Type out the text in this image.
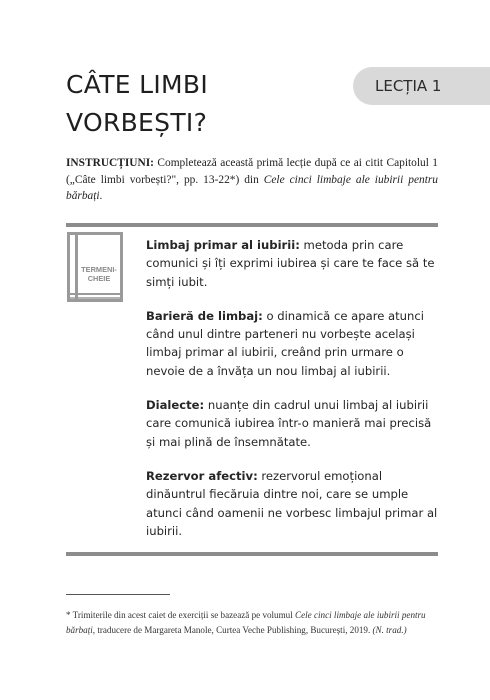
CÂTE LIMBI
VORBEȘTI?
LECȚIA 1

INSTRUCȚIUNI: Completează această primă lecție după ce ai citit Capitolul 1 („Câte limbi vorbești?", pp. 13-22*) din Cele cinci limbaje ale iubirii pentru bărbați.

TERMENI-
CHEIE

Limbaj primar al iubirii: metoda prin care comunici și îți exprimi iubirea și care te face să te simți iubit.

Barieră de limbaj: o dinamică ce apare atunci când unul dintre parteneri nu vorbește același limbaj primar al iubirii, creând prin urmare o nevoie de a învăța un nou limbaj al iubirii.

Dialecte: nuanțe din cadrul unui limbaj al iubirii care comunică iubirea într-o manieră mai precisă și mai plină de însemnătate.

Rezervor afectiv: rezervorul emoțional dinăuntrul fiecăruia dintre noi, care se umple atunci când oamenii ne vorbesc limbajul primar al iubirii.

* Trimiterile din acest caiet de exerciții se bazează pe volumul Cele cinci limbaje ale iubirii pentru bărbați, traducere de Margareta Manole, Curtea Veche Publishing, București, 2019. (N. trad.)
